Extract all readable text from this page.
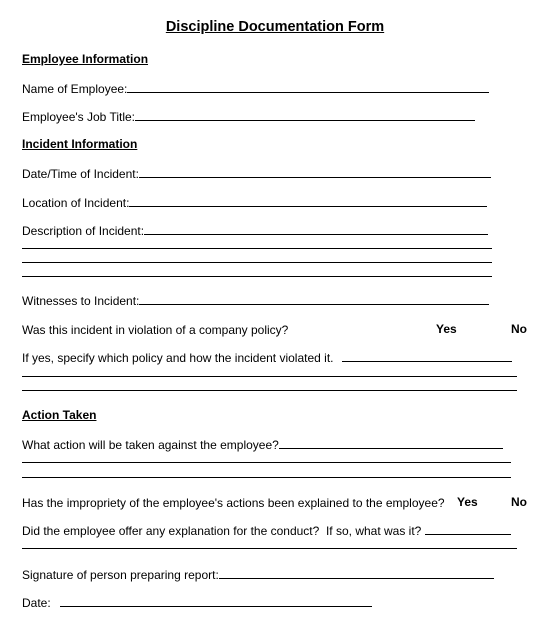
Discipline Documentation Form
Employee Information
Name of Employee:
Employee's Job Title:
Incident Information
Date/Time of Incident:
Location of Incident:
Description of Incident:
Witnesses to Incident:
Was this incident in violation of a company policy?	Yes	No
If yes, specify which policy and how the incident violated it.
Action Taken
What action will be taken against the employee?
Has the impropriety of the employee's actions been explained to the employee? Yes	No
Did the employee offer any explanation for the conduct?  If so, what was it?
Signature of person preparing report:
Date:
